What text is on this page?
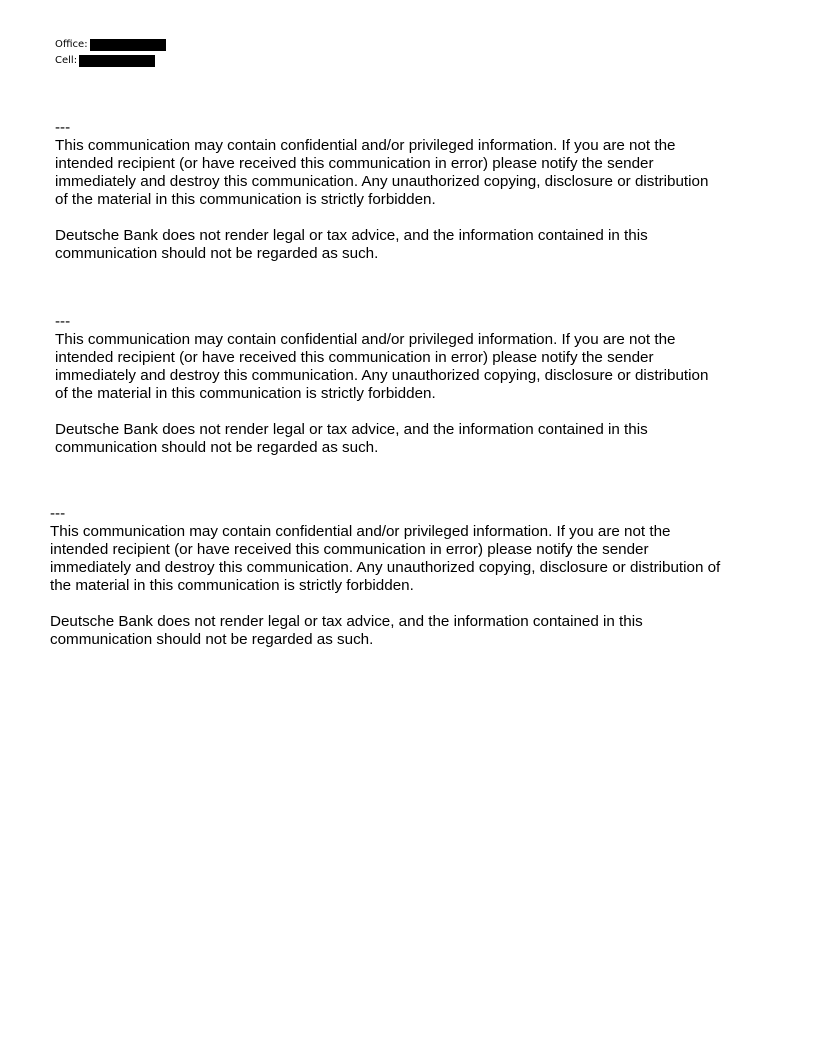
Office:
Cell:

---

This communication may contain confidential and/or privileged information. If you are not the

intended recipient (or have received this communication in error) please notify the sender

immediately and destroy this communication. Any unauthorized copying, disclosure or distribution

of the material in this communication is strictly forbidden.

Deutsche Bank does not render legal or tax advice, and the information contained in this

communication should not be regarded as such.

---

This communication may contain confidential and/or privileged information. If you are not the

intended recipient (or have received this communication in error) please notify the sender

immediately and destroy this communication. Any unauthorized copying, disclosure or distribution

of the material in this communication is strictly forbidden.

Deutsche Bank does not render legal or tax advice, and the information contained in this

communication should not be regarded as such.

---

This communication may contain confidential and/or privileged information. If you are not the

intended recipient (or have received this communication in error) please notify the sender

immediately and destroy this communication. Any unauthorized copying, disclosure or distribution of

the material in this communication is strictly forbidden.

Deutsche Bank does not render legal or tax advice, and the information contained in this

communication should not be regarded as such.
